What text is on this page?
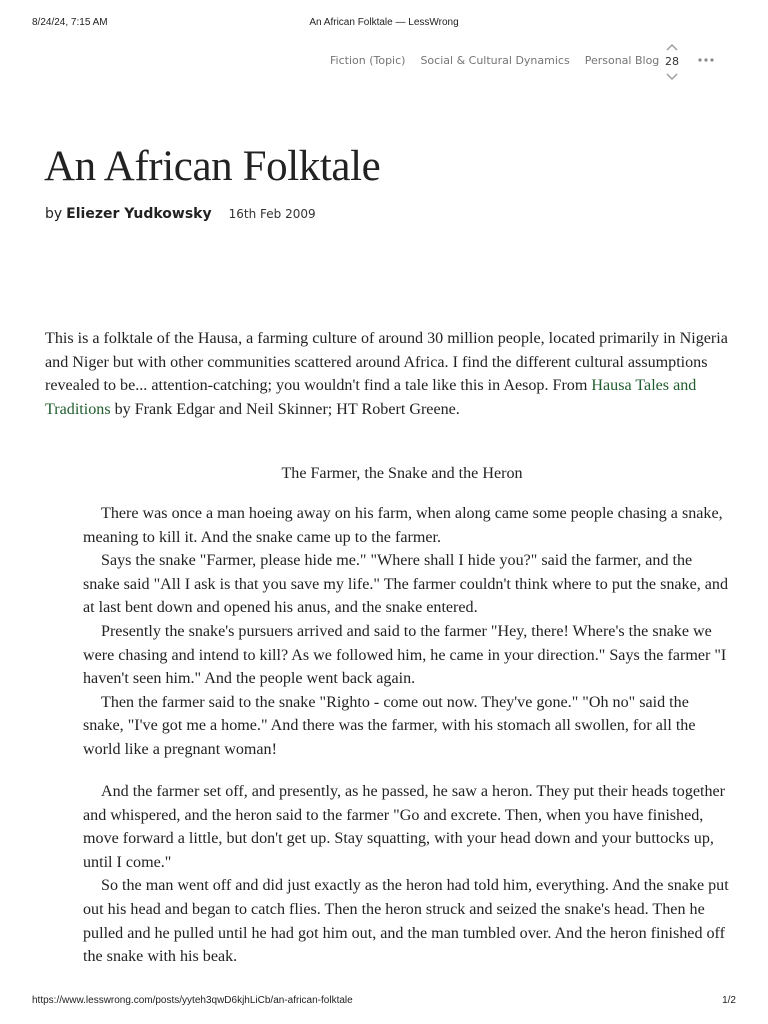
8/24/24, 7:15 AM	An African Folktale — LessWrong
Fiction (Topic) Social & Cultural Dynamics Personal Blog 28
An African Folktale
by Eliezer Yudkowsky 16th Feb 2009

This is a folktale of the Hausa, a farming culture of around 30 million people, located primarily in Nigeria and Niger but with other communities scattered around Africa. I find the different cultural assumptions revealed to be... attention-catching; you wouldn't find a tale like this in Aesop. From Hausa Tales and Traditions by Frank Edgar and Neil Skinner; HT Robert Greene.

The Farmer, the Snake and the Heron

There was once a man hoeing away on his farm, when along came some people chasing a snake, meaning to kill it. And the snake came up to the farmer.

Says the snake "Farmer, please hide me." "Where shall I hide you?" said the farmer, and the snake said "All I ask is that you save my life." The farmer couldn't think where to put the snake, and at last bent down and opened his anus, and the snake entered.

Presently the snake's pursuers arrived and said to the farmer "Hey, there! Where's the snake we were chasing and intend to kill? As we followed him, he came in your direction." Says the farmer "I haven't seen him." And the people went back again.

Then the farmer said to the snake "Righto - come out now. They've gone." "Oh no" said the snake, "I've got me a home." And there was the farmer, with his stomach all swollen, for all the world like a pregnant woman!

And the farmer set off, and presently, as he passed, he saw a heron. They put their heads together and whispered, and the heron said to the farmer "Go and excrete. Then, when you have finished, move forward a little, but don't get up. Stay squatting, with your head down and your buttocks up, until I come."

So the man went off and did just exactly as the heron had told him, everything. And the snake put out his head and began to catch flies. Then the heron struck and seized the snake's head. Then he pulled and he pulled until he had got him out, and the man tumbled over. And the heron finished off the snake with his beak.

https://www.lesswrong.com/posts/yyteh3qwD6kjhLiCb/an-african-folktale	1/2
